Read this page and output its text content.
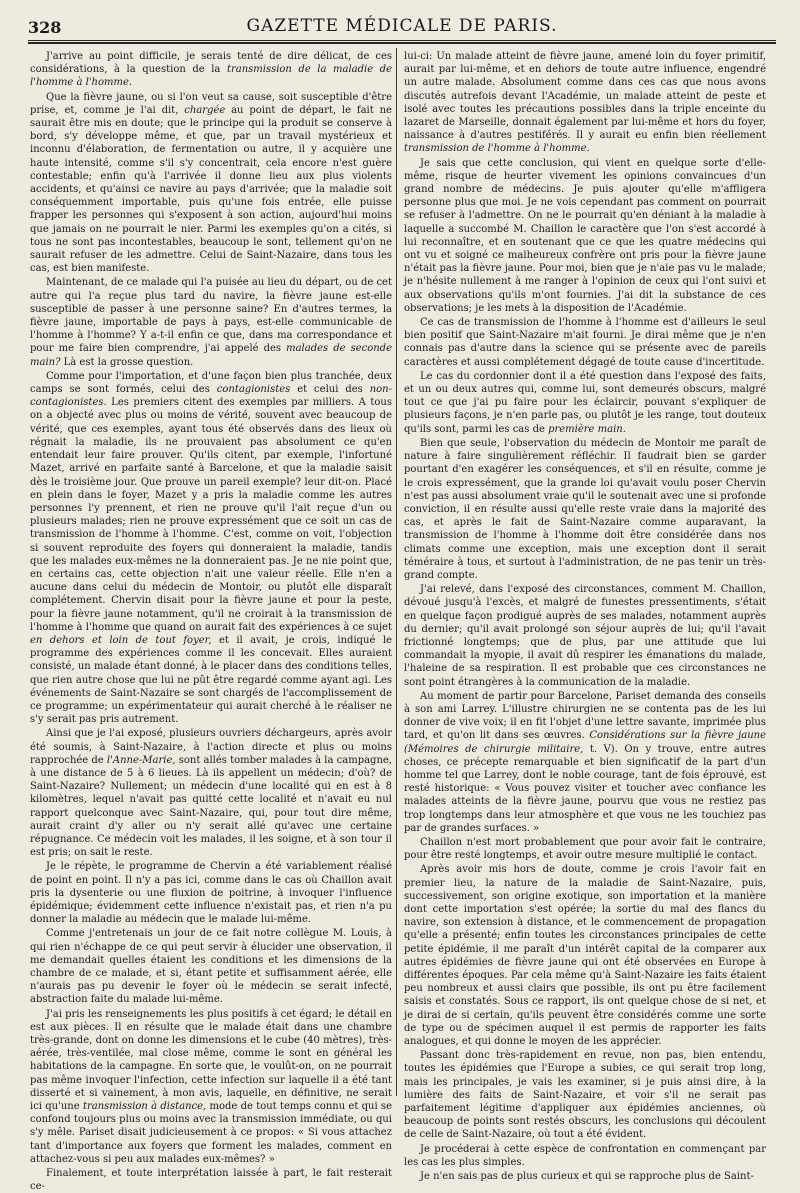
328	GAZETTE MÉDICALE DE PARIS.

J'arrive au point difficile, je serais tenté de dire délicat, de ces considérations, à la question de la transmission de la maladie de l'homme à l'homme.

Que la fièvre jaune, ou si l'on veut sa cause, soit susceptible d'être prise, et, comme je l'ai dit, chargée au point de départ, le fait ne saurait être mis en doute; que le principe qui la produit se conserve à bord, s'y développe même, et que, par un travail mystérieux et inconnu d'élaboration, de fermentation ou autre, il y acquière une haute intensité, comme s'il s'y concentrait, cela encore n'est guère contestable; enfin qu'à l'arrivée il donne lieu aux plus violents accidents, et qu'ainsi ce navire au pays d'arrivée; que la maladie soit conséquemment importable, puis qu'une fois entrée, elle puisse frapper les personnes qui s'exposent à son action, aujourd'hui moins que jamais on ne pourrait le nier. Parmi les exemples qu'on a cités, si tous ne sont pas incontestables, beaucoup le sont, tellement qu'on ne saurait refuser de les admettre. Celui de Saint-Nazaire, dans tous les cas, est bien manifeste.

Maintenant, de ce malade qui l'a puisée au lieu du départ, ou de cet autre qui l'a reçue plus tard du navire, la fièvre jaune est-elle susceptible de passer à une personne saine? En d'autres termes, la fièvre jaune, importable de pays à pays, est-elle communicable de l'homme à l'homme? Y a-t-il enfin ce que, dans ma correspondance et pour me faire bien comprendre, j'ai appelé des malades de seconde main? Là est la grosse question.

Comme pour l'importation, et d'une façon bien plus tranchée, deux camps se sont formés, celui des contagionistes et celui des non-contagionistes. Les premiers citent des exemples par milliers. A tous on a objecté avec plus ou moins de vérité, souvent avec beaucoup de vérité, que ces exemples, ayant tous été observés dans des lieux où régnait la maladie, ils ne prouvaient pas absolument ce qu'en entendait leur faire prouver. Qu'ils citent, par exemple, l'infortuné Mazet, arrivé en parfaite santé à Barcelone, et que la maladie saisit dès le troisième jour. Que prouve un pareil exemple? leur dit-on. Placé en plein dans le foyer, Mazet y a pris la maladie comme les autres personnes l'y prennent, et rien ne prouve qu'il l'ait reçue d'un ou plusieurs malades; rien ne prouve expressément que ce soit un cas de transmission de l'homme à l'homme. C'est, comme on voit, l'objection si souvent reproduite des foyers qui donneraient la maladie, tandis que les malades eux-mêmes ne la donneraient pas. Je ne nie point que, en certains cas, cette objection n'ait une valeur réelle. Elle n'en a aucune dans celui du médecin de Montoir, ou plutôt elle disparaît complétement. Chervin disait pour la fièvre jaune et pour la peste, pour la fièvre jaune notamment, qu'il ne croirait à la transmission de l'homme à l'homme que quand on aurait fait des expériences à ce sujet en dehors et loin de tout foyer, et il avait, je crois, indiqué le programme des expériences comme il les concevait. Elles auraient consisté, un malade étant donné, à le placer dans des conditions telles, que rien autre chose que lui ne pût être regardé comme ayant agi. Les événements de Saint-Nazaire se sont chargés de l'accomplissement de ce programme; un expérimentateur qui aurait cherché à le réaliser ne s'y serait pas pris autrement.

Ainsi que je l'ai exposé, plusieurs ouvriers déchargeurs, après avoir été soumis, à Saint-Nazaire, à l'action directe et plus ou moins rapprochée de l'Anne-Marie, sont allés tomber malades à la campagne, à une distance de 5 à 6 lieues. Là ils appellent un médecin; d'où? de Saint-Nazaire? Nullement; un médecin d'une localité qui en est à 8 kilomètres, lequel n'avait pas quitté cette localité et n'avait eu nul rapport quelconque avec Saint-Nazaire, qui, pour tout dire même, aurait craint d'y aller ou n'y serait allé qu'avec une certaine répugnance. Ce médecin voit les malades, il les soigne, et à son tour il est pris; on sait le reste.

Je le répète, le programme de Chervin a été variablement réalisé de point en point. Il n'y a pas ici, comme dans le cas où Chaillon avait pris la dysenterie ou une fluxion de poitrine, à invoquer l'influence épidémique; évidemment cette influence n'existait pas, et rien n'a pu donner la maladie au médecin que le malade lui-même.

Comme j'entretenais un jour de ce fait notre collègue M. Louis, à qui rien n'échappe de ce qui peut servir à élucider une observation, il me demandait quelles étaient les conditions et les dimensions de la chambre de ce malade, et si, étant petite et suffisamment aérée, elle n'aurais pas pu devenir le foyer où le médecin se serait infecté, abstraction faite du malade lui-même.

J'ai pris les renseignements les plus positifs à cet égard; le détail en est aux pièces. Il en résulte que le malade était dans une chambre très-grande, dont on donne les dimensions et le cube (40 mètres), très-aérée, très-ventilée, mal close même, comme le sont en général les habitations de la campagne. En sorte que, le voulût-on, on ne pourrait pas même invoquer l'infection, cette infection sur laquelle il a été tant disserté et si vainement, à mon avis, laquelle, en définitive, ne serait ici qu'une transmission à distance, mode de tout temps connu et qui se confond toujours plus ou moins avec la transmission immédiate, ou qui s'y mêle. Pariset disait judicieusement à ce propos: « Si vous attachez tant d'importance aux foyers que forment les malades, comment en attachez-vous si peu aux malades eux-mêmes? »

Finalement, et toute interprétation laissée à part, le fait resterait ce-

lui-ci: Un malade atteint de fièvre jaune, amené loin du foyer primitif, aurait par lui-même, et en dehors de toute autre influence, engendré un autre malade. Absolument comme dans ces cas que nous avons discutés autrefois devant l'Académie, un malade atteint de peste et isolé avec toutes les précautions possibles dans la triple enceinte du lazaret de Marseille, donnait également par lui-même et hors du foyer, naissance à d'autres pestiférés. Il y aurait eu enfin bien réellement transmission de l'homme à l'homme.

Je sais que cette conclusion, qui vient en quelque sorte d'elle-même, risque de heurter vivement les opinions convaincues d'un grand nombre de médecins. Je puis ajouter qu'elle m'affligera personne plus que moi. Je ne vois cependant pas comment on pourrait se refuser à l'admettre. On ne le pourrait qu'en déniant à la maladie à laquelle a succombé M. Chaillon le caractère que l'on s'est accordé à lui reconnaître, et en soutenant que ce que les quatre médecins qui ont vu et soigné ce malheureux confrère ont pris pour la fièvre jaune n'était pas la fièvre jaune. Pour moi, bien que je n'aie pas vu le malade, je n'hésite nullement à me ranger à l'opinion de ceux qui l'ont suivi et aux observations qu'ils m'ont fournies. J'ai dit la substance de ces observations; je les mets à la disposition de l'Académie.

Ce cas de transmission de l'homme à l'homme est d'ailleurs le seul bien positif que Saint-Nazaire m'ait fourni. Je dirai même que je n'en connais pas d'autre dans la science qui se présente avec de pareils caractères et aussi complétement dégagé de toute cause d'incertitude.

Le cas du cordonnier dont il a été question dans l'exposé des faits, et un ou deux autres qui, comme lui, sont demeurés obscurs, malgré tout ce que j'ai pu faire pour les éclaircir, pouvant s'expliquer de plusieurs façons, je n'en parle pas, ou plutôt je les range, tout douteux qu'ils sont, parmi les cas de première main.

Bien que seule, l'observation du médecin de Montoir me paraît de nature à faire singulièrement réfléchir. Il faudrait bien se garder pourtant d'en exagérer les conséquences, et s'il en résulte, comme je le crois expressément, que la grande loi qu'avait voulu poser Chervin n'est pas aussi absolument vraie qu'il le soutenait avec une si profonde conviction, il en résulte aussi qu'elle reste vraie dans la majorité des cas, et après le fait de Saint-Nazaire comme auparavant, la transmission de l'homme à l'homme doit être considérée dans nos climats comme une exception, mais une exception dont il serait téméraire à tous, et surtout à l'administration, de ne pas tenir un très-grand compte.

J'ai relevé, dans l'exposé des circonstances, comment M. Chaillon, dévoué jusqu'à l'excès, et malgré de funestes pressentiments, s'était en quelque façon prodigué auprès de ses malades, notamment auprès du dernier; qu'il avait prolongé son séjour auprès de lui; qu'il l'avait frictionné longtemps; que de plus, par une attitude que lui commandait la myopie, il avait dû respirer les émanations du malade, l'haleine de sa respiration. Il est probable que ces circonstances ne sont point étrangères à la communication de la maladie.

Au moment de partir pour Barcelone, Pariset demanda des conseils à son ami Larrey. L'illustre chirurgien ne se contenta pas de les lui donner de vive voix; il en fit l'objet d'une lettre savante, imprimée plus tard, et qu'on lit dans ses œuvres. Considérations sur la fièvre jaune (Mémoires de chirurgie militaire, t. V). On y trouve, entre autres choses, ce précepte remarquable et bien significatif de la part d'un homme tel que Larrey, dont le noble courage, tant de fois éprouvé, est resté historique: « Vous pouvez visiter et toucher avec confiance les malades atteints de la fièvre jaune, pourvu que vous ne restiez pas trop longtemps dans leur atmosphère et que vous ne les touchiez pas par de grandes surfaces. »

Chaillon n'est mort probablement que pour avoir fait le contraire, pour être resté longtemps, et avoir outre mesure multiplié le contact.

Après avoir mis hors de doute, comme je crois l'avoir fait en premier lieu, la nature de la maladie de Saint-Nazaire, puis, successivement, son origine exotique, son importation et la manière dont cette importation s'est opérée; la sortie du mal des flancs du navire, son extension à distance, et le commencement de propagation qu'elle a présenté; enfin toutes les circonstances principales de cette petite épidémie, il me paraît d'un intérêt capital de la comparer aux autres épidémies de fièvre jaune qui ont été observées en Europe à différentes époques. Par cela même qu'à Saint-Nazaire les faits étaient peu nombreux et aussi clairs que possible, ils ont pu être facilement saisis et constatés. Sous ce rapport, ils ont quelque chose de si net, et je dirai de si certain, qu'ils peuvent être considérés comme une sorte de type ou de spécimen auquel il est permis de rapporter les faits analogues, et qui donne le moyen de les apprécier.

Passant donc très-rapidement en revue, non pas, bien entendu, toutes les épidémies que l'Europe a subies, ce qui serait trop long, mais les principales, je vais les examiner, si je puis ainsi dire, à la lumière des faits de Saint-Nazaire, et voir s'il ne serait pas parfaitement légitime d'appliquer aux épidémies anciennes, où beaucoup de points sont restés obscurs, les conclusions qui découlent de celle de Saint-Nazaire, où tout a été évident.

Je procéderai à cette espèce de confrontation en commençant par les cas les plus simples.

Je n'en sais pas de plus curieux et qui se rapproche plus de Saint-
